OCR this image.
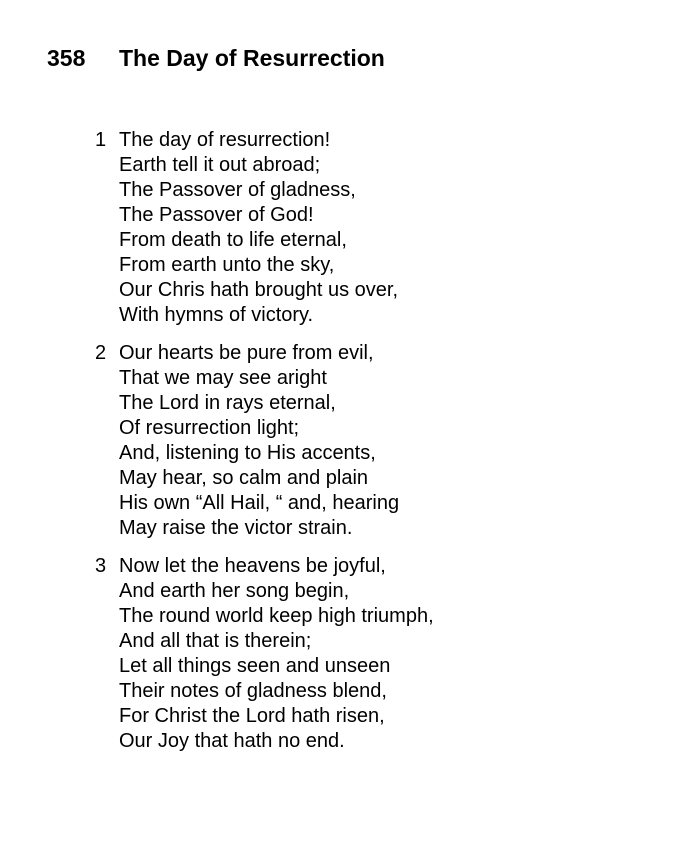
358 The Day of Resurrection
1 The day of resurrection!
Earth tell it out abroad;
The Passover of gladness,
The Passover of God!
From death to life eternal,
From earth unto the sky,
Our Chris hath brought us over,
With hymns of victory.
2 Our hearts be pure from evil,
That we may see aright
The Lord in rays eternal,
Of resurrection light;
And, listening to His accents,
May hear, so calm and plain
His own “All Hail, “ and, hearing
May raise the victor strain.
3 Now let the heavens be joyful,
And earth her song begin,
The round world keep high triumph,
And all that is therein;
Let all things seen and unseen
Their notes of gladness blend,
For Christ the Lord hath risen,
Our Joy that hath no end.
